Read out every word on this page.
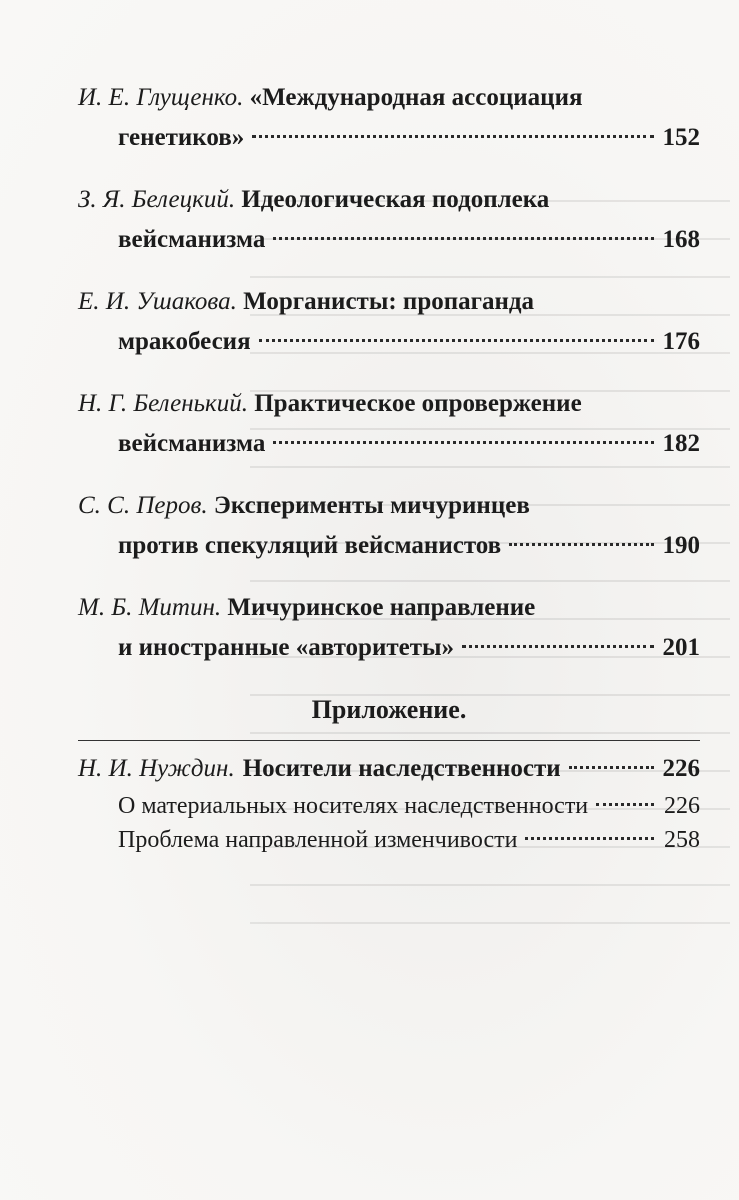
И. Е. Глущенко. «Международная ассоциация
генетиков»	152
З. Я. Белецкий. Идеологическая подоплека
вейсманизма	168
Е. И. Ушакова. Морганисты: пропаганда
мракобесия	176
Н. Г. Беленький. Практическое опровержение
вейсманизма	182
С. С. Перов. Эксперименты мичуринцев
против спекуляций вейсманистов	190
М. Б. Митин. Мичуринское направление
и иностранные «авторитеты»	201
Приложение.
Н. И. Нуждин. Носители наследственности	226
О материальных носителях наследственности	226
Проблема направленной изменчивости	258
